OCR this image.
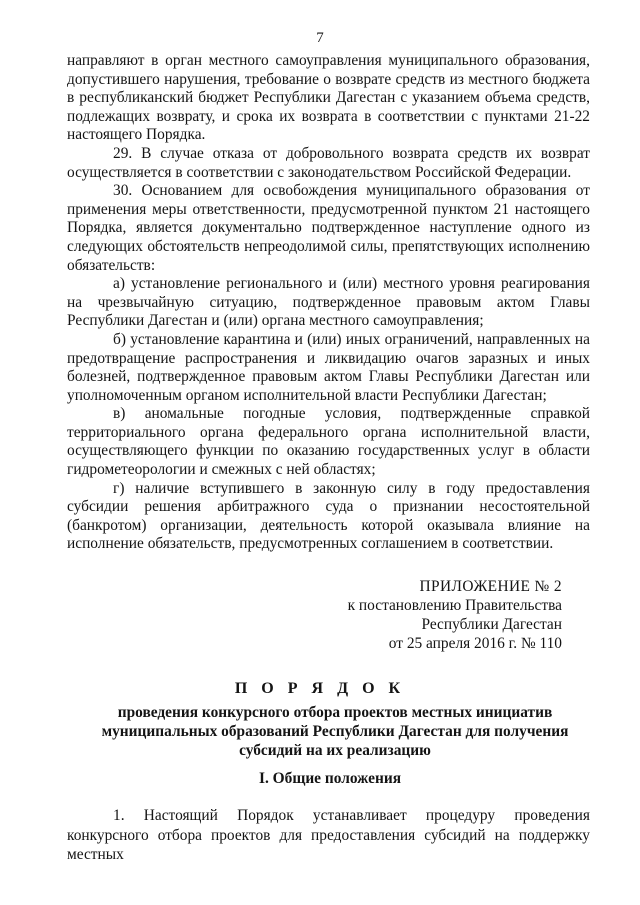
7

направляют в орган местного самоуправления муниципального образования, допустившего нарушения, требование о возврате средств из местного бюджета в республиканский бюджет Республики Дагестан с указанием объема средств, подлежащих возврату, и срока их возврата в соответствии с пунктами 21-22 настоящего Порядка.

29. В случае отказа от добровольного возврата средств их возврат осуществляется в соответствии с законодательством Российской Федерации.

30. Основанием для освобождения муниципального образования от применения меры ответственности, предусмотренной пунктом 21 настоящего Порядка, является документально подтвержденное наступление одного из следующих обстоятельств непреодолимой силы, препятствующих исполнению обязательств:

а) установление регионального и (или) местного уровня реагирования на чрезвычайную ситуацию, подтвержденное правовым актом Главы Республики Дагестан и (или) органа местного самоуправления;

б) установление карантина и (или) иных ограничений, направленных на предотвращение распространения и ликвидацию очагов заразных и иных болезней, подтвержденное правовым актом Главы Республики Дагестан или уполномоченным органом исполнительной власти Республики Дагестан;

в) аномальные погодные условия, подтвержденные справкой территориального органа федерального органа исполнительной власти, осуществляющего функции по оказанию государственных услуг в области гидрометеорологии и смежных с ней областях;

г) наличие вступившего в законную силу в году предоставления субсидии решения арбитражного суда о признании несостоятельной (банкротом) организации, деятельность которой оказывала влияние на исполнение обязательств, предусмотренных соглашением в соответствии.

ПРИЛОЖЕНИЕ № 2
к постановлению Правительства
Республики Дагестан
от 25 апреля 2016 г. № 110
П О Р Я Д О К
проведения конкурсного отбора проектов местных инициатив муниципальных образований Республики Дагестан для получения субсидий на их реализацию
I. Общие положения

1. Настоящий Порядок устанавливает процедуру проведения конкурсного отбора проектов для предоставления субсидий на поддержку местных
